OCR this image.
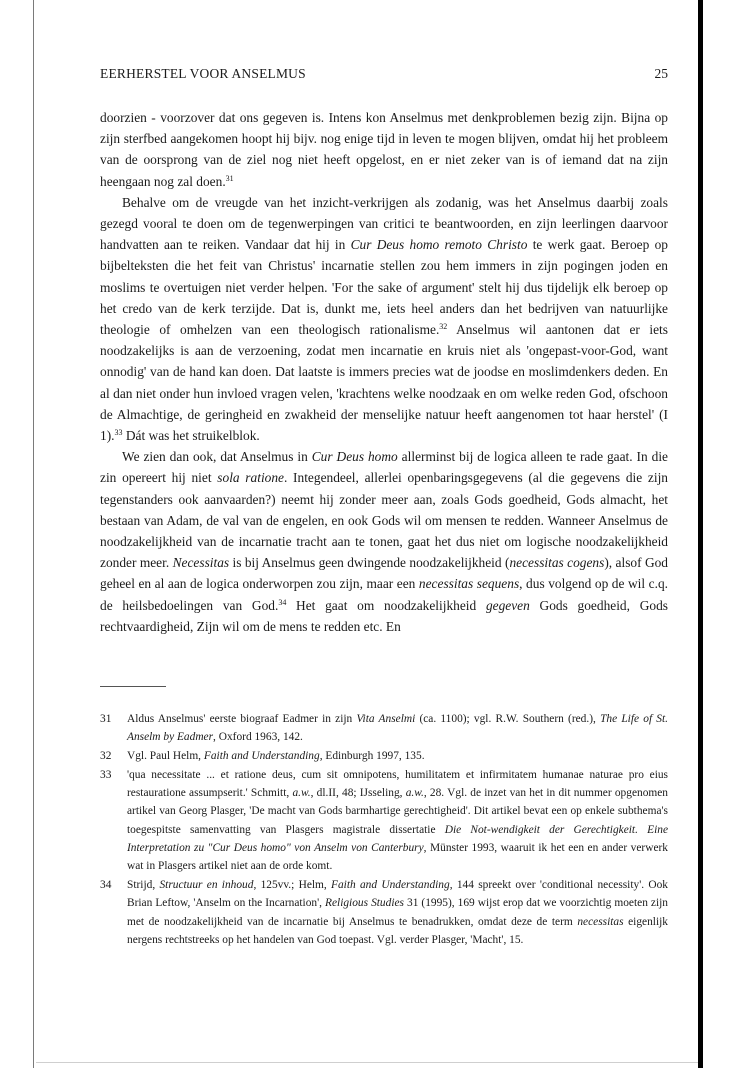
EERHERSTEL VOOR ANSELMUS	25

doorzien - voorzover dat ons gegeven is. Intens kon Anselmus met denkproblemen bezig zijn. Bijna op zijn sterfbed aangekomen hoopt hij bijv. nog enige tijd in leven te mogen blijven, omdat hij het probleem van de oorsprong van de ziel nog niet heeft opgelost, en er niet zeker van is of iemand dat na zijn heengaan nog zal doen.$^{31}$

Behalve om de vreugde van het inzicht-verkrijgen als zodanig, was het Anselmus daarbij zoals gezegd vooral te doen om de tegenwerpingen van critici te beantwoorden, en zijn leerlingen daarvoor handvatten aan te reiken. Vandaar dat hij in Cur Deus homo remoto Christo te werk gaat. Beroep op bijbelteksten die het feit van Christus' incarnatie stellen zou hem immers in zijn pogingen joden en moslims te overtuigen niet verder helpen. 'For the sake of argument' stelt hij dus tijdelijk elk beroep op het credo van de kerk terzijde. Dat is, dunkt me, iets heel anders dan het bedrijven van natuurlijke theologie of omhelzen van een theologisch rationalisme.$^{32}$ Anselmus wil aantonen dat er iets noodzakelijks is aan de verzoening, zodat men incarnatie en kruis niet als 'ongepast-voor-God, want onnodig' van de hand kan doen. Dat laatste is immers precies wat de joodse en moslimdenkers deden. En al dan niet onder hun invloed vragen velen, 'krachtens welke noodzaak en om welke reden God, ofschoon de Almachtige, de geringheid en zwakheid der menselijke natuur heeft aangenomen tot haar herstel' (I 1).$^{33}$ Dát was het struikelblok.

We zien dan ook, dat Anselmus in Cur Deus homo allerminst bij de logica alleen te rade gaat. In die zin opereert hij niet sola ratione. Integendeel, allerlei openbaringsgegevens (al die gegevens die zijn tegenstanders ook aanvaarden?) neemt hij zonder meer aan, zoals Gods goedheid, Gods almacht, het bestaan van Adam, de val van de engelen, en ook Gods wil om mensen te redden. Wanneer Anselmus de noodzakelijkheid van de incarnatie tracht aan te tonen, gaat het dus niet om logische noodzakelijkheid zonder meer. Necessitas is bij Anselmus geen dwingende noodzakelijkheid (necessitas cogens), alsof God geheel en al aan de logica onderworpen zou zijn, maar een necessitas sequens, dus volgend op de wil c.q. de heilsbedoelingen van God.$^{34}$ Het gaat om noodzakelijkheid gegeven Gods goedheid, Gods rechtvaardigheid, Zijn wil om de mens te redden etc. En

31 Aldus Anselmus' eerste biograaf Eadmer in zijn Vita Anselmi (ca. 1100); vgl. R.W. Southern (red.), The Life of St. Anselm by Eadmer, Oxford 1963, 142.
32 Vgl. Paul Helm, Faith and Understanding, Edinburgh 1997, 135.
33 'qua necessitate ... et ratione deus, cum sit omnipotens, humilitatem et infirmitatem humanae naturae pro eius restauratione assumpserit.' Schmitt, a.w., dl.II, 48; IJsseling, a.w., 28. Vgl. de inzet van het in dit nummer opgenomen artikel van Georg Plasger, 'De macht van Gods barmhartige gerechtigheid'. Dit artikel bevat een op enkele subthema's toegespitste samenvatting van Plasgers magistrale dissertatie Die Not-wendigkeit der Gerechtigkeit. Eine Interpretation zu "Cur Deus homo" von Anselm von Canterbury, Münster 1993, waaruit ik het een en ander verwerk wat in Plasgers artikel niet aan de orde komt.
34 Strijd, Structuur en inhoud, 125vv.; Helm, Faith and Understanding, 144 spreekt over 'conditional necessity'. Ook Brian Leftow, 'Anselm on the Incarnation', Religious Studies 31 (1995), 169 wijst erop dat we voorzichtig moeten zijn met de noodzakelijkheid van de incarnatie bij Anselmus te benadrukken, omdat deze de term necessitas eigenlijk nergens rechtstreeks op het handelen van God toepast. Vgl. verder Plasger, 'Macht', 15.
